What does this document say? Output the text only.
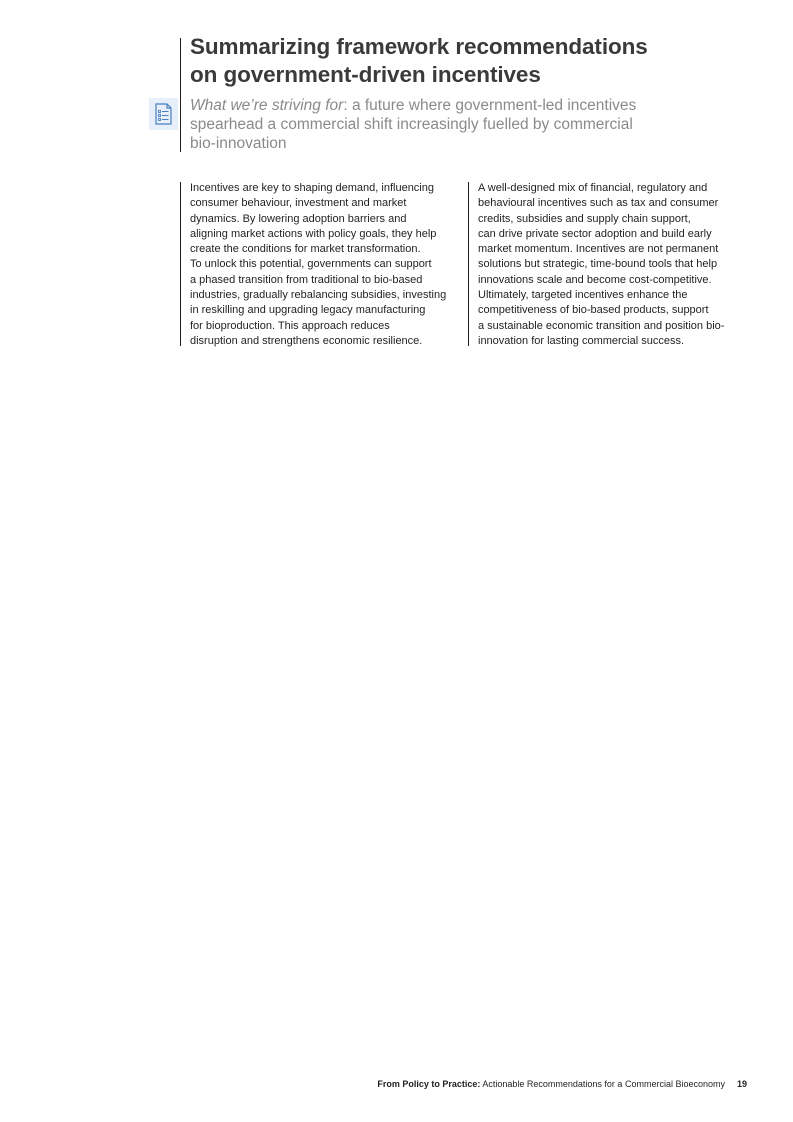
Summarizing framework recommendations
on government-driven incentives

What we’re striving for: a future where government-led incentives
spearhead a commercial shift increasingly fuelled by commercial
bio-innovation

Incentives are key to shaping demand, influencing
consumer behaviour, investment and market
dynamics. By lowering adoption barriers and
aligning market actions with policy goals, they help
create the conditions for market transformation.
To unlock this potential, governments can support
a phased transition from traditional to bio-based
industries, gradually rebalancing subsidies, investing
in reskilling and upgrading legacy manufacturing
for bioproduction. This approach reduces
disruption and strengthens economic resilience.
A well-designed mix of financial, regulatory and
behavioural incentives such as tax and consumer
credits, subsidies and supply chain support,
can drive private sector adoption and build early
market momentum. Incentives are not permanent
solutions but strategic, time-bound tools that help
innovations scale and become cost-competitive.
Ultimately, targeted incentives enhance the
competitiveness of bio-based products, support
a sustainable economic transition and position bio-
innovation for lasting commercial success.
From Policy to Practice: Actionable Recommendations for a Commercial Bioeconomy 19
